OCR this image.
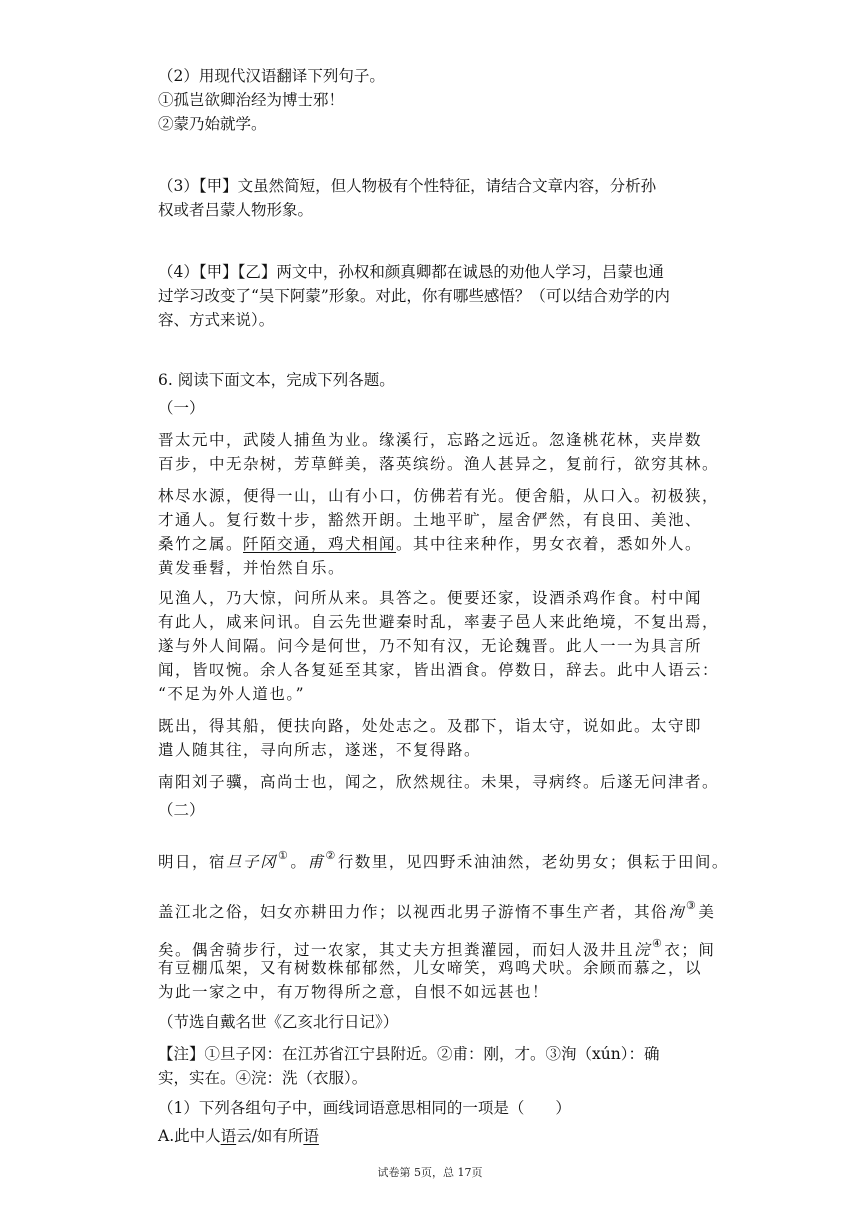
（2）用现代汉语翻译下列句子。
①孤岂欲卿治经为博士邪！
②蒙乃始就学。
（3）【甲】文虽然简短，但人物极有个性特征，请结合文章内容，分析孙
权或者吕蒙人物形象。
（4）【甲】【乙】两文中，孙权和颜真卿都在诚恳的劝他人学习，吕蒙也通
过学习改变了“吴下阿蒙”形象。对此，你有哪些感悟？（可以结合劝学的内
容、方式来说）。
6. 阅读下面文本，完成下列各题。
（一）
晋太元中，武陵人捕鱼为业。缘溪行，忘路之远近。忽逢桃花林，夹岸数
百步，中无杂树，芳草鲜美，落英缤纷。渔人甚异之，复前行，欲穷其林。
林尽水源，便得一山，山有小口，仿佛若有光。便舍船，从口入。初极狭，
才通人。复行数十步，豁然开朗。土地平旷，屋舍俨然，有良田、美池、
桑竹之属。阡陌交通，鸡犬相闻。其中往来种作，男女衣着，悉如外人。
黄发垂髫，并怡然自乐。
见渔人，乃大惊，问所从来。具答之。便要还家，设酒杀鸡作食。村中闻
有此人，咸来问讯。自云先世避秦时乱，率妻子邑人来此绝境，不复出焉，
遂与外人间隔。问今是何世，乃不知有汉，无论魏晋。此人一一为具言所
闻，皆叹惋。余人各复延至其家，皆出酒食。停数日，辞去。此中人语云：
“不足为外人道也。”
既出，得其船，便扶向路，处处志之。及郡下，诣太守，说如此。太守即
遣人随其往，寻向所志，遂迷，不复得路。
南阳刘子骥，高尚士也，闻之，欣然规往。未果，寻病终。后遂无问津者。
（二）
明日，宿旦子冈①。甫②行数里，见四野禾油油然，老幼男女；俱耘于田间。
盖江北之俗，妇女亦耕田力作；以视西北男子游惰不事生产者，其俗洵③美
矣。偶舍骑步行，过一农家，其丈夫方担粪灌园，而妇人汲井且浣④衣；间
有豆棚瓜架，又有树数株郁郁然，儿女啼笑，鸡鸣犬吠。余顾而慕之，以
为此一家之中，有万物得所之意，自恨不如远甚也！
（节选自戴名世《乙亥北行日记》）
【注】①旦子冈：在江苏省江宁县附近。②甫：刚，才。③洵（xún）：确
实，实在。④浣：洗（衣服）。
（1）下列各组句子中，画线词语意思相同的一项是（　　）
A.此中人语云/如有所语
试卷第 5页，总 17页
